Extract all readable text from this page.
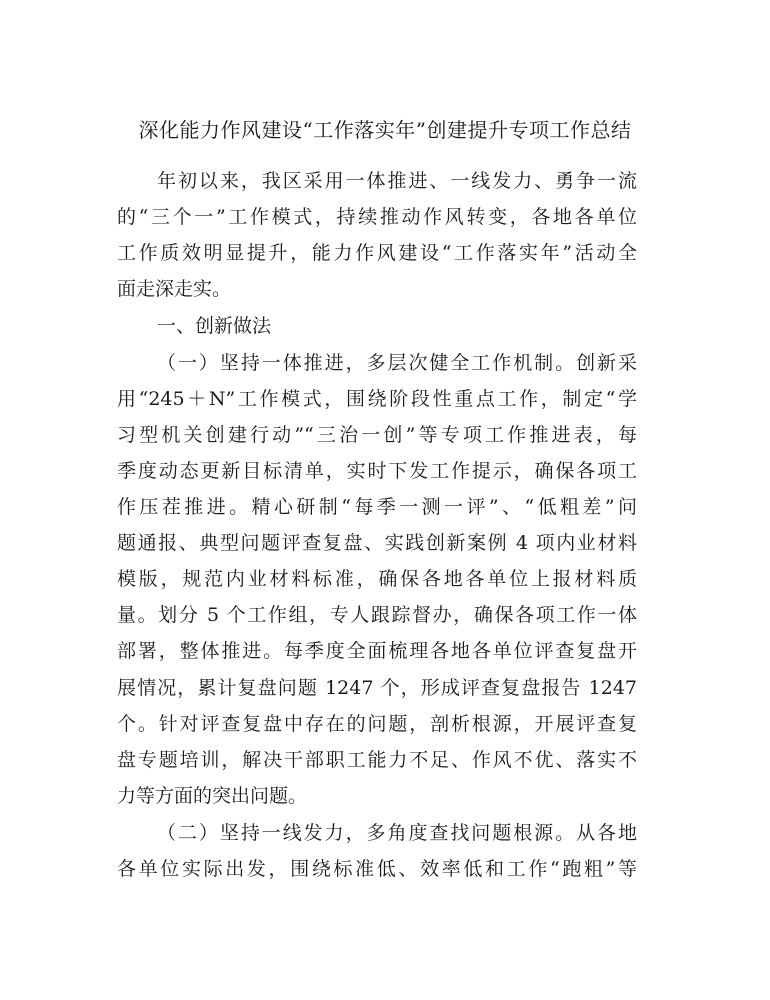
深化能力作风建设“工作落实年”创建提升专项工作总结
年初以来，我区采用一体推进、一线发力、勇争一流
的“三个一”工作模式，持续推动作风转变，各地各单位
工作质效明显提升，能力作风建设“工作落实年”活动全
面走深走实。
一、创新做法
（一）坚持一体推进，多层次健全工作机制。创新采
用“245＋N”工作模式，围绕阶段性重点工作，制定“学
习型机关创建行动”“三治一创”等专项工作推进表，每
季度动态更新目标清单，实时下发工作提示，确保各项工
作压茬推进。精心研制“每季一测一评”、“低粗差”问
题通报、典型问题评查复盘、实践创新案例 4 项内业材料
模版，规范内业材料标准，确保各地各单位上报材料质
量。划分 5 个工作组，专人跟踪督办，确保各项工作一体
部署，整体推进。每季度全面梳理各地各单位评查复盘开
展情况，累计复盘问题 1247 个，形成评查复盘报告 1247
个。针对评查复盘中存在的问题，剖析根源，开展评查复
盘专题培训，解决干部职工能力不足、作风不优、落实不
力等方面的突出问题。
（二）坚持一线发力，多角度查找问题根源。从各地
各单位实际出发，围绕标准低、效率低和工作“跑粗”等
